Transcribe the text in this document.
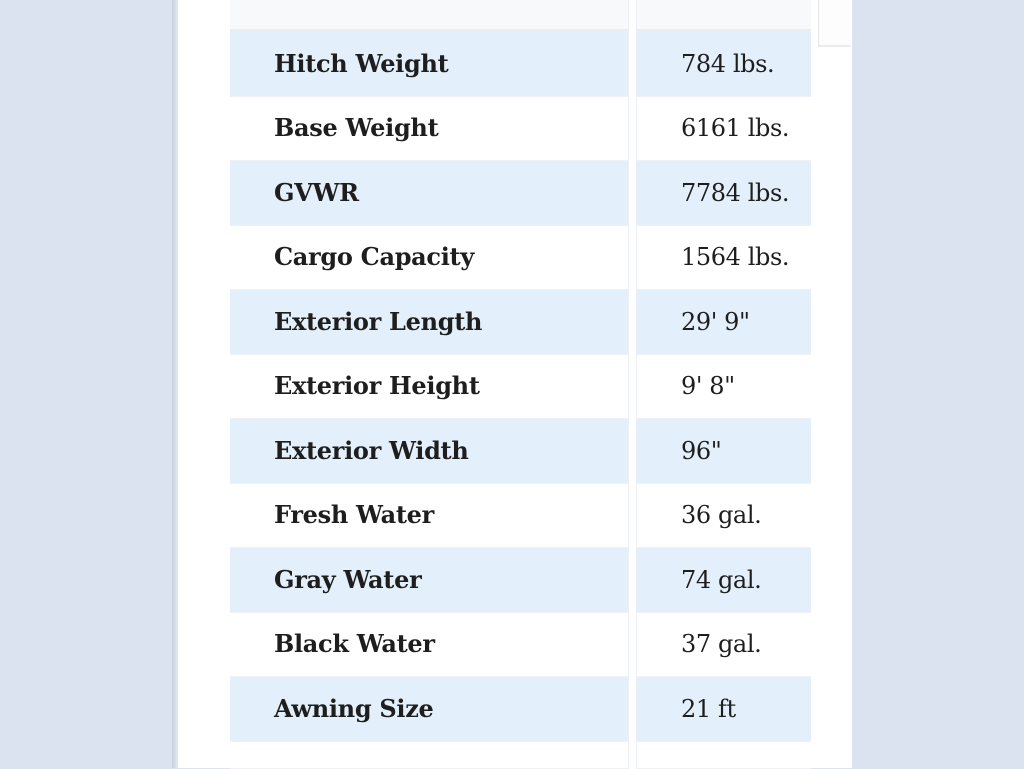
Hitch Weight		784 lbs.
Base Weight		6161 lbs.
GVWR		7784 lbs.
Cargo Capacity		1564 lbs.
Exterior Length		29' 9"
Exterior Height		9' 8"
Exterior Width		96"
Fresh Water		36 gal.
Gray Water		74 gal.
Black Water		37 gal.
Awning Size		21 ft
